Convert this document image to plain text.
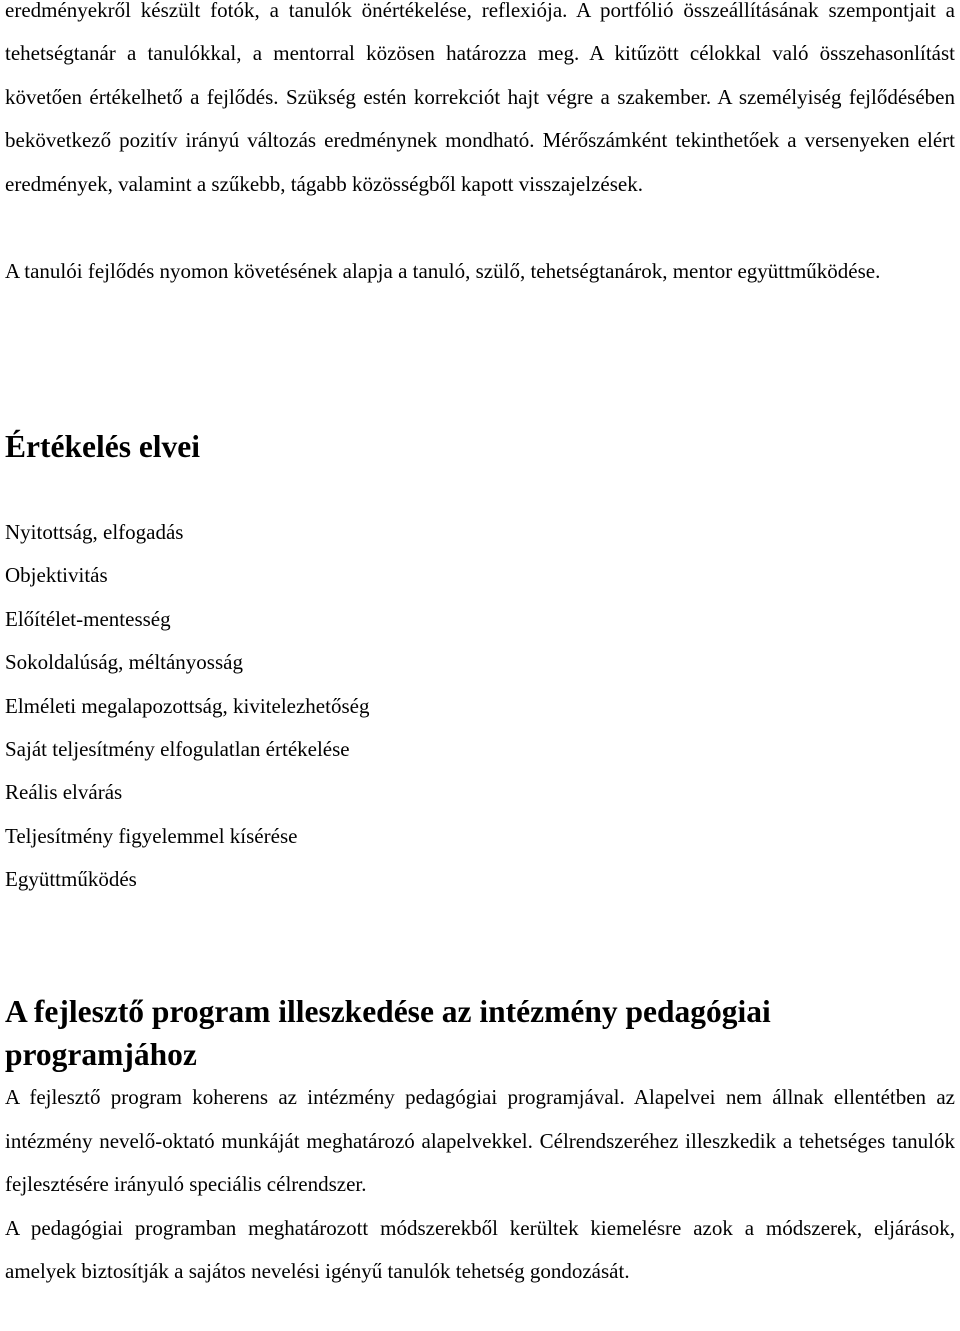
eredményekről készült fotók, a tanulók önértékelése, reflexiója. A portfólió összeállításának szempontjait a tehetségtanár a tanulókkal, a mentorral közösen határozza meg. A kitűzött célokkal való összehasonlítást követően értékelhető a fejlődés. Szükség estén korrekciót hajt végre a szakember. A személyiség fejlődésében bekövetkező pozitív irányú változás eredménynek mondható. Mérőszámként tekinthetőek a versenyeken elért eredmények, valamint a szűkebb, tágabb közösségből kapott visszajelzések.

A tanulói fejlődés nyomon követésének alapja a tanuló, szülő, tehetségtanárok, mentor együttműködése.

Értékelés elvei
Nyitottság, elfogadás
Objektivitás
Előítélet-mentesség
Sokoldalúság, méltányosság
Elméleti megalapozottság, kivitelezhetőség
Saját teljesítmény elfogulatlan értékelése
Reális elvárás
Teljesítmény figyelemmel kísérése
Együttműködés
A fejlesztő program illeszkedése az intézmény pedagógiai programjához

A fejlesztő program koherens az intézmény pedagógiai programjával. Alapelvei nem állnak ellentétben az intézmény nevelő-oktató munkáját meghatározó alapelvekkel. Célrendszeréhez illeszkedik a tehetséges tanulók fejlesztésére irányuló speciális célrendszer.

A pedagógiai programban meghatározott módszerekből kerültek kiemelésre azok a módszerek, eljárások, amelyek biztosítják a sajátos nevelési igényű tanulók tehetség gondozását.
